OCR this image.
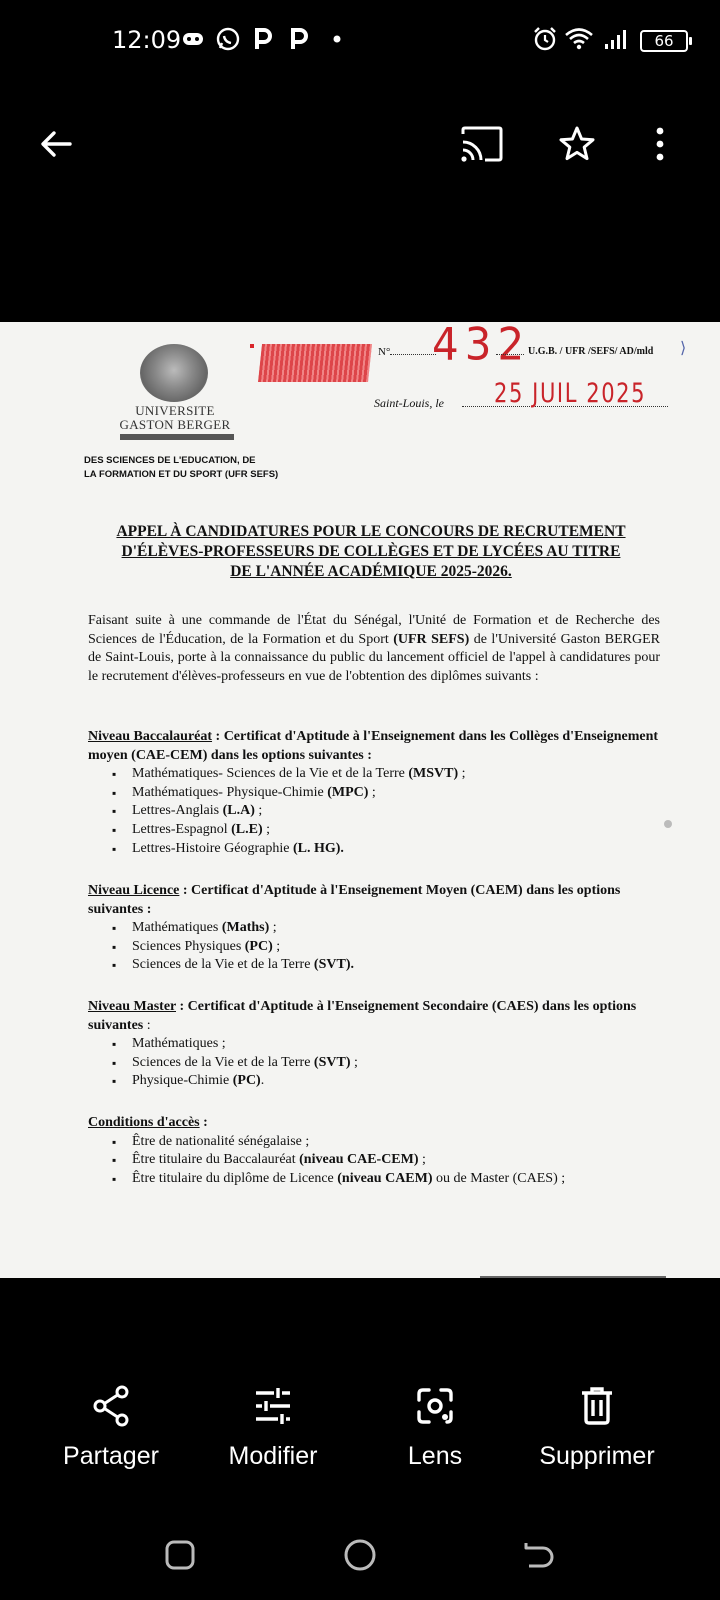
12:09	66
UNIVERSITE
GASTON BERGER
DES SCIENCES DE L'EDUCATION, DE
LA FORMATION ET DU SPORT (UFR SEFS)
N° 432
U.G.B. / UFR /SEFS/ AD/mld ⟩
Saint-Louis, le 25 JUIL 2025
APPEL À CANDIDATURES POUR LE CONCOURS DE RECRUTEMENT
D'ÉLÈVES-PROFESSEURS DE COLLÈGES ET DE LYCÉES AU TITRE
DE L'ANNÉE ACADÉMIQUE 2025-2026.
Faisant suite à une commande de l'État du Sénégal, l'Unité de Formation et de Recherche des Sciences de l'Éducation, de la Formation et du Sport (UFR SEFS) de l'Université Gaston BERGER de Saint-Louis, porte à la connaissance du public du lancement officiel de l'appel à candidatures pour le recrutement d'élèves-professeurs en vue de l'obtention des diplômes suivants :
Niveau Baccalauréat : Certificat d'Aptitude à l'Enseignement dans les Collèges d'Enseignement moyen (CAE-CEM) dans les options suivantes :
▪ Mathématiques- Sciences de la Vie et de la Terre (MSVT) ;
▪ Mathématiques- Physique-Chimie (MPC) ;
▪ Lettres-Anglais (L.A) ;
▪ Lettres-Espagnol (L.E) ;
▪ Lettres-Histoire Géographie (L. HG).
Niveau Licence : Certificat d'Aptitude à l'Enseignement Moyen (CAEM) dans les options suivantes :
▪ Mathématiques (Maths) ;
▪ Sciences Physiques (PC) ;
▪ Sciences de la Vie et de la Terre (SVT).
Niveau Master : Certificat d'Aptitude à l'Enseignement Secondaire (CAES) dans les options suivantes :
▪ Mathématiques ;
▪ Sciences de la Vie et de la Terre (SVT) ;
▪ Physique-Chimie (PC).
Conditions d'accès :
▪ Être de nationalité sénégalaise ;
▪ Être titulaire du Baccalauréat (niveau CAE-CEM) ;
▪ Être titulaire du diplôme de Licence (niveau CAEM) ou de Master (CAES) ;
Partager	Modifier	Lens	Supprimer
